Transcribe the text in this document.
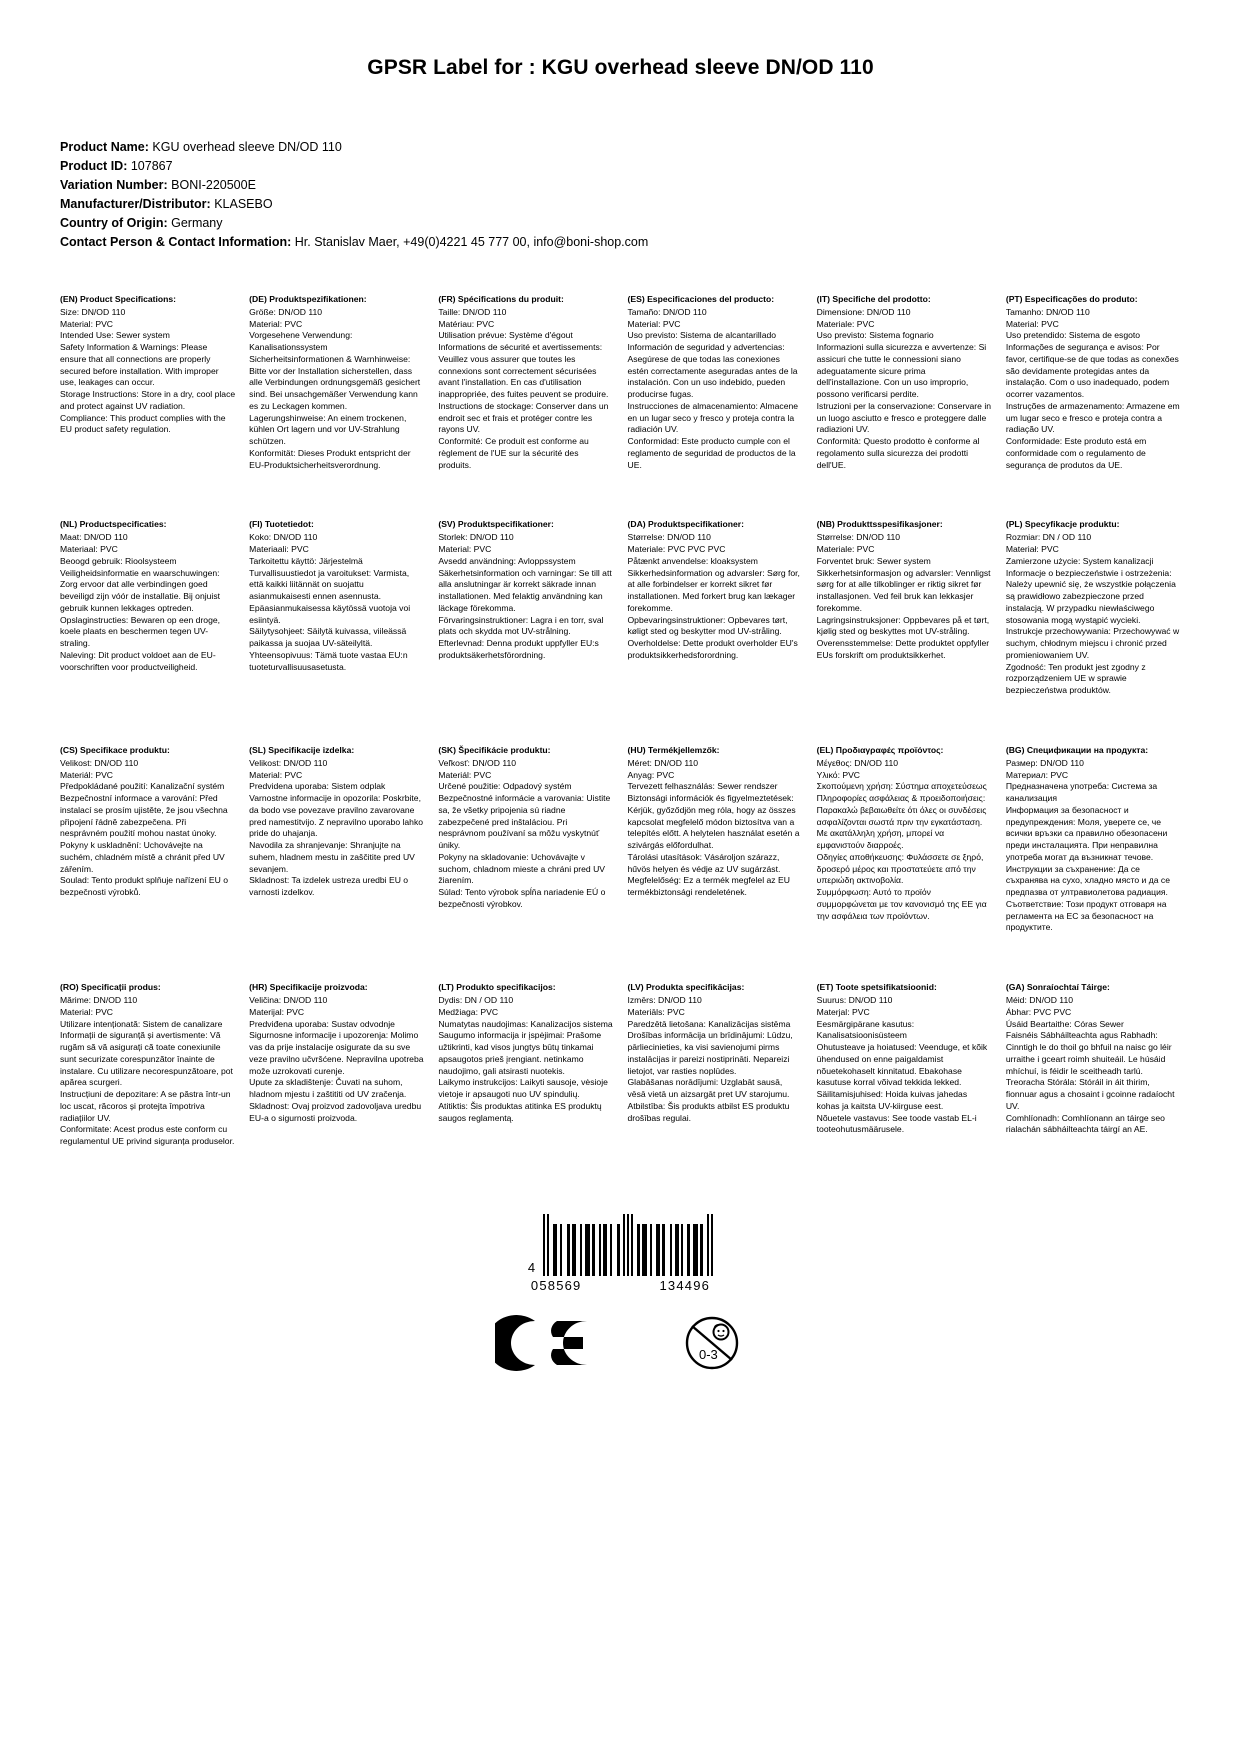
GPSR Label for : KGU overhead sleeve DN/OD 110
Product Name: KGU overhead sleeve DN/OD 110
Product ID: 107867
Variation Number: BONI-220500E
Manufacturer/Distributor: KLASEBO
Country of Origin: Germany
Contact Person & Contact Information: Hr. Stanislav Maer, +49(0)4221 45 777 00, info@boni-shop.com
(EN) Product Specifications:
Size: DN/OD 110
Material: PVC
Intended Use: Sewer system
Safety Information & Warnings: Please ensure that all connections are properly secured before installation. With improper use, leakages can occur.
Storage Instructions: Store in a dry, cool place and protect against UV radiation.
Compliance: This product complies with the EU product safety regulation.
(DE) Produktspezifikationen:
Größe: DN/OD 110
Material: PVC
Vorgesehene Verwendung: Kanalisationssystem
Sicherheitsinformationen & Warnhinweise: Bitte vor der Installation sicherstellen, dass alle Verbindungen ordnungsgemäß gesichert sind. Bei unsachgemäßer Verwendung kann es zu Leckagen kommen.
Lagerungshinweise: An einem trockenen, kühlen Ort lagern und vor UV-Strahlung schützen.
Konformität: Dieses Produkt entspricht der EU-Produktsicherheitsverordnung.
(FR) Spécifications du produit:
Taille: DN/OD 110
Matériau: PVC
Utilisation prévue: Système d'égout
Informations de sécurité et avertissements: Veuillez vous assurer que toutes les connexions sont correctement sécurisées avant l'installation. En cas d'utilisation inappropriée, des fuites peuvent se produire.
Instructions de stockage: Conserver dans un endroit sec et frais et protéger contre les rayons UV.
Conformité: Ce produit est conforme au règlement de l'UE sur la sécurité des produits.
(ES) Especificaciones del producto:
Tamaño: DN/OD 110
Material: PVC
Uso previsto: Sistema de alcantarillado
Información de seguridad y advertencias: Asegúrese de que todas las conexiones estén correctamente aseguradas antes de la instalación. Con un uso indebido, pueden producirse fugas.
Instrucciones de almacenamiento: Almacene en un lugar seco y fresco y proteja contra la radiación UV.
Conformidad: Este producto cumple con el reglamento de seguridad de productos de la UE.
(IT) Specifiche del prodotto:
Dimensione: DN/OD 110
Materiale: PVC
Uso previsto: Sistema fognario
Informazioni sulla sicurezza e avvertenze: Si assicuri che tutte le connessioni siano adeguatamente sicure prima dell'installazione. Con un uso improprio, possono verificarsi perdite.
Istruzioni per la conservazione: Conservare in un luogo asciutto e fresco e proteggere dalle radiazioni UV.
Conformità: Questo prodotto è conforme al regolamento sulla sicurezza dei prodotti dell'UE.
(PT) Especificações do produto:
Tamanho: DN/OD 110
Material: PVC
Uso pretendido: Sistema de esgoto
Informações de segurança e avisos: Por favor, certifique-se de que todas as conexões são devidamente protegidas antes da instalação. Com o uso inadequado, podem ocorrer vazamentos.
Instruções de armazenamento: Armazene em um lugar seco e fresco e proteja contra a radiação UV.
Conformidade: Este produto está em conformidade com o regulamento de segurança de produtos da UE.
(NL) Productspecificaties:
Maat: DN/OD 110
Materiaal: PVC
Beoogd gebruik: Rioolsysteem
Veiligheidsinformatie en waarschuwingen: Zorg ervoor dat alle verbindingen goed beveiligd zijn vóór de installatie. Bij onjuist gebruik kunnen lekkages optreden.
Opslaginstructies: Bewaren op een droge, koele plaats en beschermen tegen UV-straling.
Naleving: Dit product voldoet aan de EU-voorschriften voor productveiligheid.
(FI) Tuotetiedot:
Koko: DN/OD 110
Materiaali: PVC
Tarkoitettu käyttö: Järjestelmä
Turvallisuustiedot ja varoitukset: Varmista, että kaikki liitännät on suojattu asianmukaisesti ennen asennusta. Epäasianmukaisessa käytössä vuotoja voi esiintyä.
Säilytysohjeet: Säilytä kuivassa, viileässä paikassa ja suojaa UV-säteilyltä.
Yhteensopivuus: Tämä tuote vastaa EU:n tuoteturvallisuusasetusta.
(SV) Produktspecifikationer:
Storlek: DN/OD 110
Material: PVC
Avsedd användning: Avloppssystem
Säkerhetsinformation och varningar: Se till att alla anslutningar är korrekt säkrade innan installationen. Med felaktig användning kan läckage förekomma.
Förvaringsinstruktioner: Lagra i en torr, sval plats och skydda mot UV-strålning.
Efterlevnad: Denna produkt uppfyller EU:s produktsäkerhetsförordning.
(DA) Produktspecifikationer:
Størrelse: DN/OD 110
Materiale: PVC PVC PVC
Påtænkt anvendelse: kloaksystem
Sikkerhedsinformation og advarsler: Sørg for, at alle forbindelser er korrekt sikret før installationen. Med forkert brug kan lækager forekomme.
Opbevaringsinstruktioner: Opbevares tørt, køligt sted og beskytter mod UV-stråling.
Overholdelse: Dette produkt overholder EU's produktsikkerhedsforordning.
(NB) Produkttsspesifikasjoner:
Størrelse: DN/OD 110
Materiale: PVC
Forventet bruk: Sewer system
Sikkerhetsinformasjon og advarsler: Vennligst sørg for at alle tilkoblinger er riktig sikret før installasjonen. Ved feil bruk kan lekkasjer forekomme.
Lagringsinstruksjoner: Oppbevares på et tørt, kjølig sted og beskyttes mot UV-stråling.
Overensstemmelse: Dette produktet oppfyller EUs forskrift om produktsikkerhet.
(PL) Specyfikacje produktu:
Rozmiar: DN / OD 110
Materiał: PVC
Zamierzone użycie: System kanalizacji
Informacje o bezpieczeństwie i ostrzeżenia: Należy upewnić się, że wszystkie połączenia są prawidłowo zabezpieczone przed instalacją. W przypadku niewłaściwego stosowania mogą wystąpić wycieki.
Instrukcje przechowywania: Przechowywać w suchym, chłodnym miejscu i chronić przed promieniowaniem UV.
Zgodność: Ten produkt jest zgodny z rozporządzeniem UE w sprawie bezpieczeństwa produktów.
(CS) Specifikace produktu:
Velikost: DN/OD 110
Materiál: PVC
Předpokládané použití: Kanalizační systém
Bezpečnostní informace a varování: Před instalací se prosím ujistěte, že jsou všechna připojení řádně zabezpečena. Při nesprávném použití mohou nastat únoky.
Pokyny k uskladnění: Uchovávejte na suchém, chladném místě a chránit před UV zářením.
Soulad: Tento produkt splňuje nařízení EU o bezpečnosti výrobků.
(SL) Specifikacije izdelka:
Velikost: DN/OD 110
Material: PVC
Predvidena uporaba: Sistem odplak
Varnostne informacije in opozorila: Poskrbite, da bodo vse povezave pravilno zavarovane pred namestitvijo. Z nepravilno uporabo lahko pride do uhajanja.
Navodila za shranjevanje: Shranjujte na suhem, hladnem mestu in zaščitite pred UV sevanjem.
Skladnost: Ta izdelek ustreza uredbi EU o varnosti izdelkov.
(SK) Špecifikácie produktu:
Veľkosť: DN/OD 110
Materiál: PVC
Určené použitie: Odpadový systém
Bezpečnostné informácie a varovania: Uistite sa, že všetky pripojenia sú riadne zabezpečené pred inštaláciou. Pri nesprávnom používaní sa môžu vyskytnúť úniky.
Pokyny na skladovanie: Uchovávajte v suchom, chladnom mieste a chráni pred UV žiarením.
Súlad: Tento výrobok spĺňa nariadenie EÚ o bezpečnosti výrobkov.
(HU) Termékjellemzők:
Méret: DN/OD 110
Anyag: PVC
Tervezett felhasználás: Sewer rendszer
Biztonsági információk és figyelmeztetések: Kérjük, győződjön meg róla, hogy az összes kapcsolat megfelelő módon biztosítva van a telepítés előtt. A helytelen használat esetén a szivárgás előfordulhat.
Tárolási utasítások: Vásároljon szárazz, hűvös helyen és védje az UV sugárzást.
Megfelelőség: Ez a termék megfelel az EU termékbiztonsági rendeletének.
(EL) Προδιαγραφές προϊόντος:
Μέγεθος: DN/OD 110
Υλικό: PVC
Σκοπούμενη χρήση: Σύστημα αποχετεύσεως
Πληροφορίες ασφάλειας & προειδοποιήσεις: Παρακαλώ βεβαιωθείτε ότι όλες οι συνδέσεις ασφαλίζονται σωστά πριν την εγκατάσταση. Με ακατάλληλη χρήση, μπορεί να εμφανιστούν διαρροές.
Οδηγίες αποθήκευσης: Φυλάσσετε σε ξηρό, δροσερό μέρος και προστατεύετε από την υπεριώδη ακτινοβολία.
Συμμόρφωση: Αυτό το προϊόν συμμορφώνεται με τον κανονισμό της ΕΕ για την ασφάλεια των προϊόντων.
(BG) Спецификации на продукта:
Размер: DN/OD 110
Материал: PVC
Предназначена употреба: Система за канализация
Информация за безопасност и предупреждения: Моля, уверете се, че всички връзки са правилно обезопасени преди инсталацията. При неправилна употреба могат да възникнат течове.
Инструкции за съхранение: Да се съхранява на сухо, хладно място и да се предпазва от ултравиолетова радиация.
Съответствие: Този продукт отговаря на регламента на ЕС за безопасност на продуктите.
(RO) Specificații produs:
Mărime: DN/OD 110
Material: PVC
Utilizare intenționată: Sistem de canalizare
Informații de siguranță și avertismente: Vă rugăm să vă asigurați că toate conexiunile sunt securizate corespunzător înainte de instalare. Cu utilizare necorespunzătoare, pot apărea scurgeri.
Instrucțiuni de depozitare: A se păstra într-un loc uscat, răcoros și protejta împotriva radiațiilor UV.
Conformitate: Acest produs este conform cu regulamentul UE privind siguranța produselor.
(HR) Specifikacije proizvoda:
Veličina: DN/OD 110
Materijal: PVC
Predviđena uporaba: Sustav odvodnje
Sigurnosne informacije i upozorenja: Molimo vas da prije instalacije osigurate da su sve veze pravilno učvršćene. Nepravilna upotreba može uzrokovati curenje.
Upute za skladištenje: Čuvati na suhom, hladnom mjestu i zaštititi od UV zračenja.
Skladnost: Ovaj proizvod zadovoljava uredbu EU-a o sigurnosti proizvoda.
(LT) Produkto specifikacijos:
Dydis: DN / OD 110
Medžiaga: PVC
Numatytas naudojimas: Kanalizacijos sistema
Saugumo informacija ir įspėjimai: Prašome užtikrinti, kad visos jungtys būtų tinkamai apsaugotos prieš įrengiant. netinkamo naudojimo, gali atsirasti nuotekis.
Laikymo instrukcijos: Laikyti sausoje, vėsioje vietoje ir apsaugoti nuo UV spindulių.
Atitiktis: Šis produktas atitinka ES produktų saugos reglamentą.
(LV) Produkta specifikācijas:
Izmērs: DN/OD 110
Materiāls: PVC
Paredzētā lietošana: Kanalizācijas sistēma
Drošības informācija un brīdinājumi: Lūdzu, pārliecinieties, ka visi savienojumi pirms instalācijas ir pareizi nostiprināti. Nepareizi lietojot, var rasties noplūdes.
Glabāšanas norādījumi: Uzglabāt sausā, vēsā vietā un aizsargāt pret UV starojumu.
Atbilstība: Šis produkts atbilst ES produktu drošības regulai.
(ET) Toote spetsifikatsioonid:
Suurus: DN/OD 110
Materjal: PVC
Eesmärgipärane kasutus: Kanalisatsioonisüsteem
Ohutusteave ja hoiatused: Veenduge, et kõik ühendused on enne paigaldamist nõuetekohaselt kinnitatud. Ebakohase kasutuse korral võivad tekkida lekked.
Säilitamisjuhised: Hoida kuivas jahedas kohas ja kaitsta UV-kiirguse eest.
Nõuetele vastavus: See toode vastab EL-i tooteohutusmäärusele.
(GA) Sonraíochtaí Táirge:
Méid: DN/OD 110
Ábhar: PVC PVC
Úsáid Beartaithe: Córas Sewer
Faisnéis Sábháilteachta agus Rabhadh: Cinntigh le do thoil go bhfuil na naisc go léir urraithe i gceart roimh shuiteáil. Le húsáid mhíchuí, is féidir le sceitheadh tarlú.
Treoracha Stórála: Stóráil in áit thirim, fionnuar agus a chosaint i gcoinne radaíocht UV.
Comhlíonadh: Comhlíonann an táirge seo rialachán sábháilteachta táirgí an AE.
4
058569	134496
0-3
